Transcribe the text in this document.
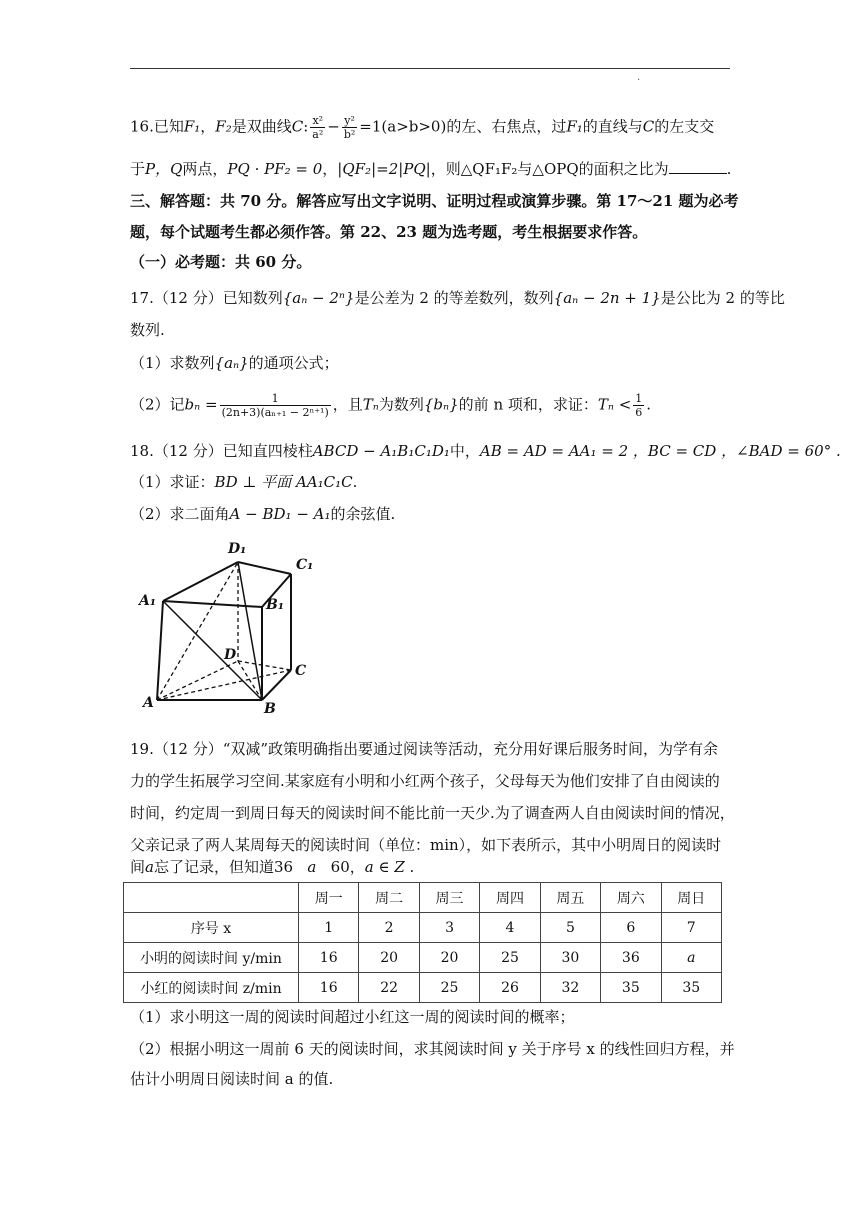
.
16.已知F₁，F₂是双曲线C: $\frac{\text{x²}}{\text{a²}} - \frac{\text{y²}}{\text{b²}} =1(a>b>0)$的左、右焦点，过F₁的直线与C的左支交
于P，Q两点，PQ · PF₂ = 0，|QF₂|=2|PQ|，则△QF₁F₂与△OPQ的面积之比为	.
三、解答题：共 70 分。解答应写出文字说明、证明过程或演算步骤。第 17～21 题为必考
题，每个试题考生都必须作答。第 22、23 题为选考题，考生根据要求作答。
（一）必考题：共 60 分。
17.（12 分）已知数列{aₙ − 2ⁿ}是公差为 2 的等差数列，数列{aₙ − 2n + 1}是公比为 2 的等比
数列.
（1）求数列{aₙ}的通项公式；
（2）记$b_n = \frac{1}{\text{(2n+3)(aₙ₊₁ − 2ⁿ⁺¹)}}$ ，且Tₙ为数列{bₙ}的前 n 项和，求证：$T_n < \frac{1}{6}$ .
18.（12 分）已知直四棱柱ABCD − A₁B₁C₁D₁中，AB = AD = AA₁ = 2 ，BC = CD ，∠BAD = 60° .
（1）求证：BD ⊥ 平面 AA₁C₁C.
（2）求二面角A − BD₁ − A₁的余弦值.
D₁
C₁
A₁	B₁
D
C
A	B
19.（12 分）“双减”政策明确指出要通过阅读等活动，充分用好课后服务时间，为学有余
力的学生拓展学习空间.某家庭有小明和小红两个孩子，父母每天为他们安排了自由阅读的
时间，约定周一到周日每天的阅读时间不能比前一天少.为了调查两人自由阅读时间的情况，
父亲记录了两人某周每天的阅读时间（单位：min），如下表所示，其中小明周日的阅读时
间a忘了记录，但知道36 a 60，a ∈ Z .
	周一	周二	周三	周四	周五	周六	周日
序号 x	1	2	3	4	5	6	7
小明的阅读时间 y/min	16	20	20	25	30	36	a
小红的阅读时间 z/min	16	22	25	26	32	35	35
（1）求小明这一周的阅读时间超过小红这一周的阅读时间的概率；
（2）根据小明这一周前 6 天的阅读时间，求其阅读时间 y 关于序号 x 的线性回归方程，并
估计小明周日阅读时间 a 的值.
